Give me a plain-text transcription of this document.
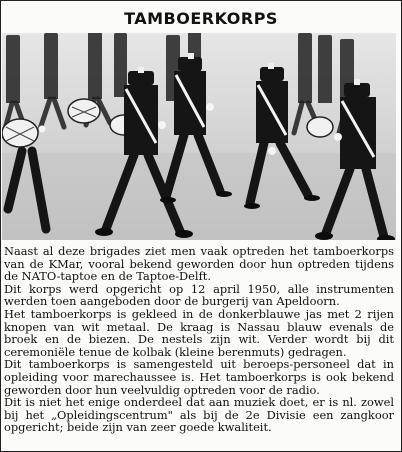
TAMBOERKORPS

Naast al deze brigades ziet men vaak optreden het tamboerkorps van de KMar, vooral bekend geworden door hun optreden tijdens de NATO-taptoe en de Taptoe-Delft.

Dit korps werd opgericht op 12 april 1950, alle instrumenten werden toen aangeboden door de burgerij van Apeldoorn.

Het tamboerkorps is gekleed in de donkerblauwe jas met 2 rijen knopen van wit metaal. De kraag is Nassau blauw evenals de broek en de biezen. De nestels zijn wit. Verder wordt bij dit ceremoniële tenue de kolbak (kleine berenmuts) gedragen.

Dit tamboerkorps is samengesteld uit beroeps-personeel dat in opleiding voor marechaussee is. Het tamboerkorps is ook bekend geworden door hun veelvuldig optreden voor de radio.

Dit is niet het enige onderdeel dat aan muziek doet, er is nl. zowel bij het „Opleidingscentrum" als bij de 2e Divisie een zangkoor opgericht; beide zijn van zeer goede kwaliteit.
